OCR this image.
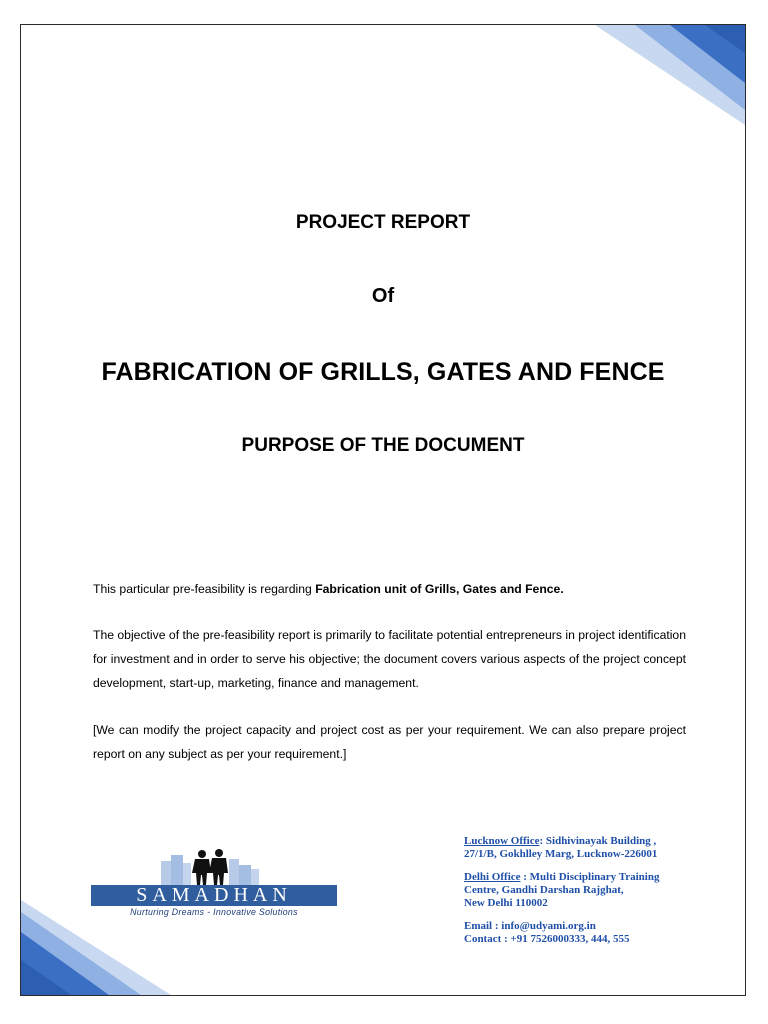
PROJECT REPORT
Of
FABRICATION OF GRILLS, GATES AND FENCE
PURPOSE OF THE DOCUMENT
This particular pre-feasibility is regarding Fabrication unit of Grills, Gates and Fence.
The objective of the pre-feasibility report is primarily to facilitate potential entrepreneurs in project identification for investment and in order to serve his objective; the document covers various aspects of the project concept development, start-up, marketing, finance and management.
[We can modify the project capacity and project cost as per your requirement. We can also prepare project report on any subject as per your requirement.]
SAMADHAN
Nurturing Dreams - Innovative Solutions
Lucknow Office: Sidhivinayak Building ,
27/1/B, Gokhlley Marg, Lucknow-226001
Delhi Office : Multi Disciplinary Training
Centre, Gandhi Darshan Rajghat,
New Delhi 110002
Email : info@udyami.org.in
Contact : +91 7526000333, 444, 555
